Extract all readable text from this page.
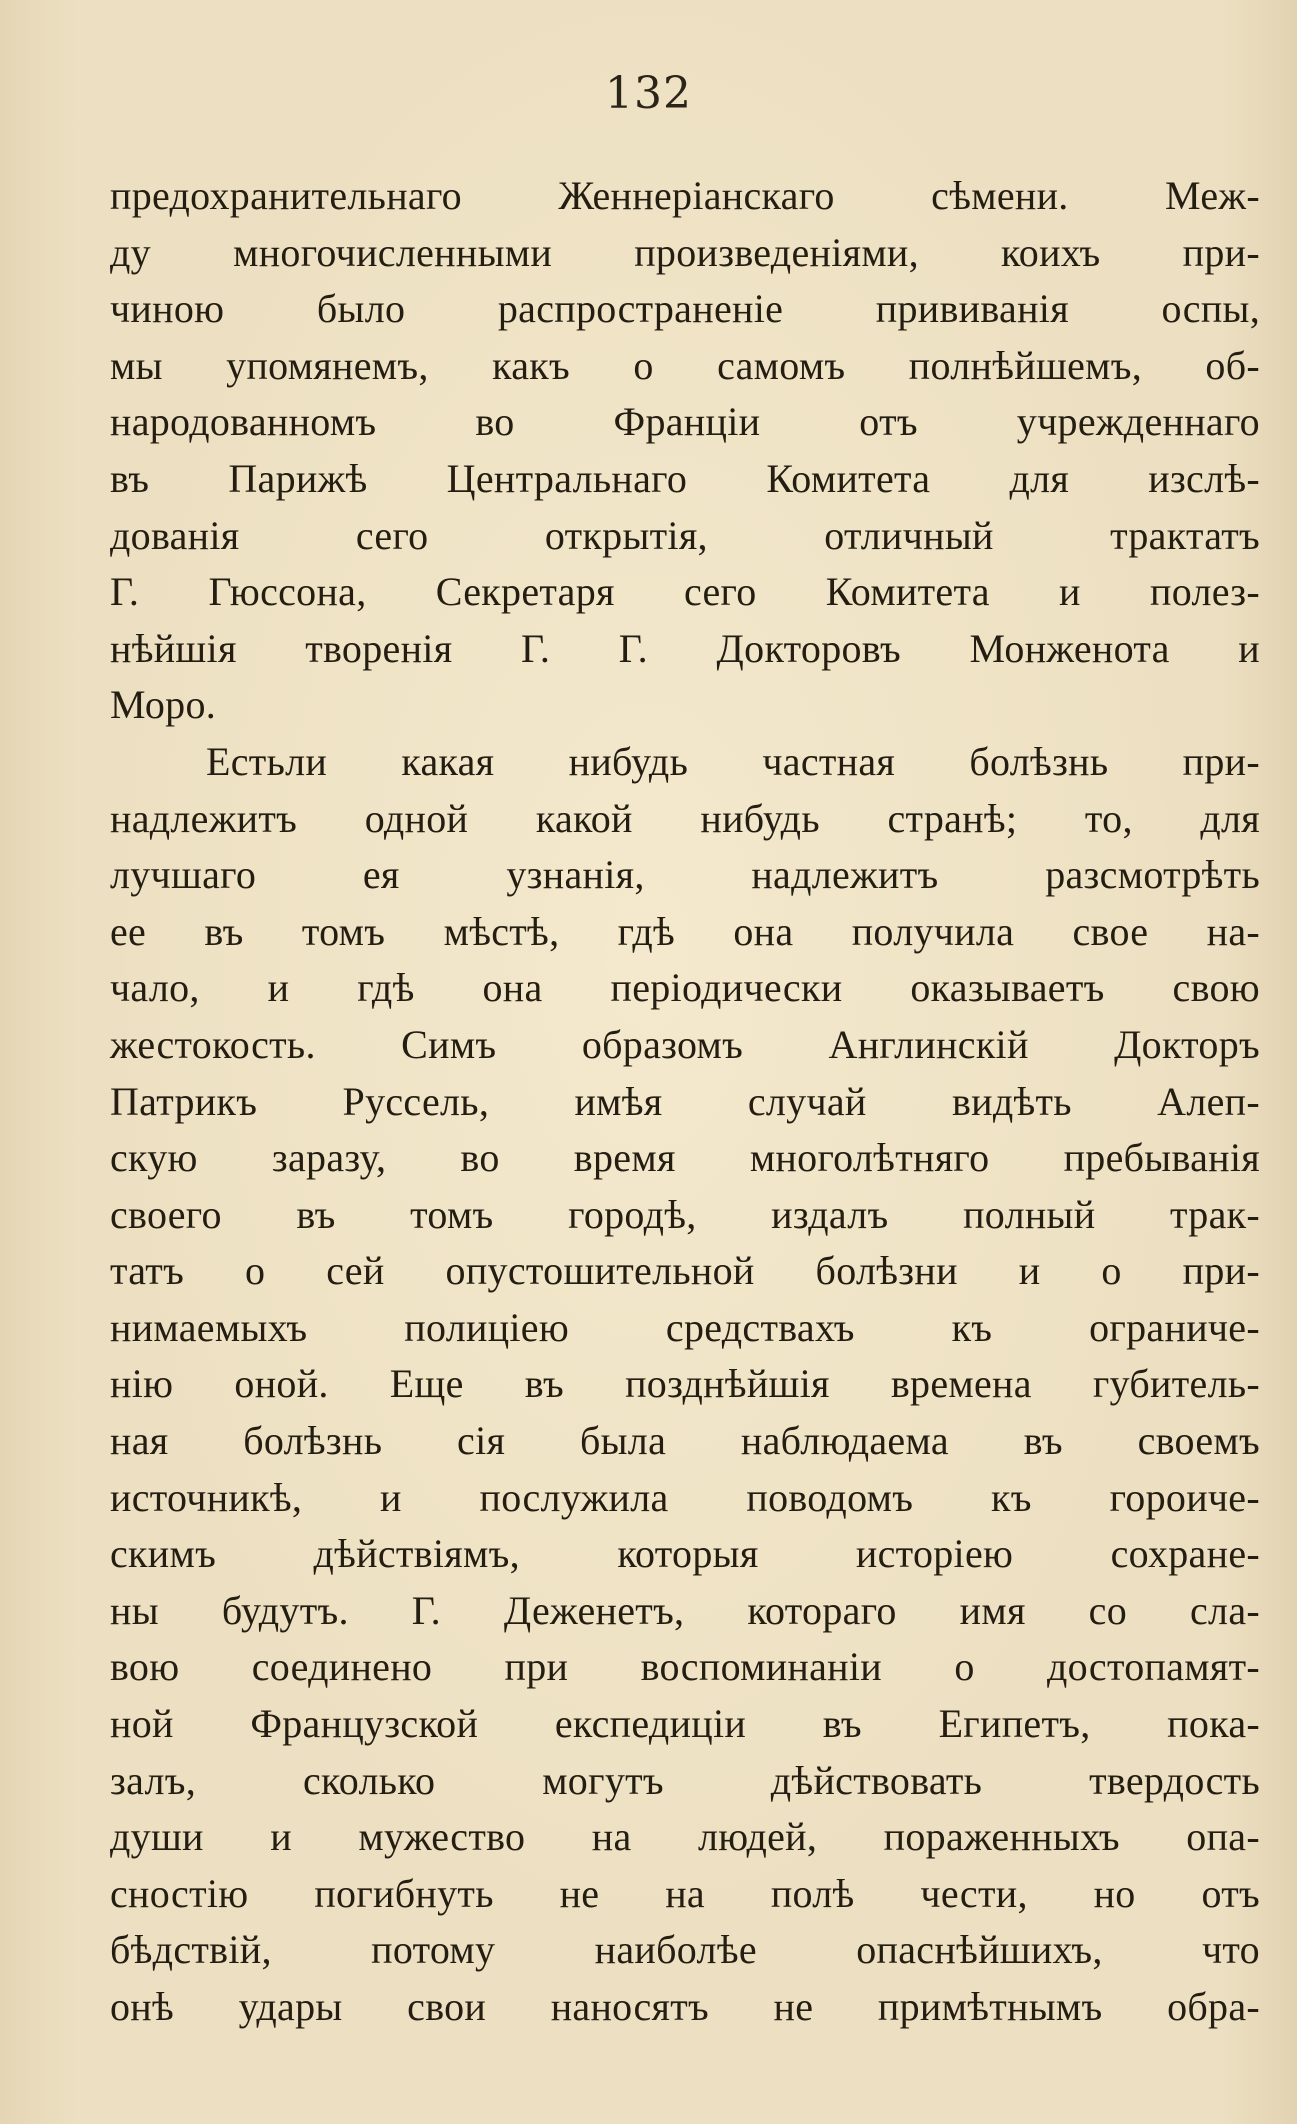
132
предохранительнаго Женнеріанскаго сѣмени. Меж-
ду многочисленными произведеніями, коихъ при-
чиною было распространеніе прививанія оспы,
мы упомянемъ, какъ о самомъ полнѣйшемъ, об-
народованномъ во Франціи отъ учрежденнаго
въ Парижѣ Центральнаго Комитета для изслѣ-
дованія сего открытія, отличный трактатъ
Г. Гюссона, Секретаря сего Комитета и полез-
нѣйшія творенія Г. Г. Докторовъ Монженота и
Моро.
Естьли какая нибудь частная болѣзнь при-
надлежитъ одной какой нибудь странѣ; то, для
лучшаго ея узнанія, надлежитъ разсмотрѣть
ее въ томъ мѣстѣ, гдѣ она получила свое на-
чало, и гдѣ она періодически оказываетъ свою
жестокость. Симъ образомъ Англинскій Докторъ
Патрикъ Руссель, имѣя случай видѣть Алеп-
скую заразу, во время многолѣтняго пребыванія
своего въ томъ городѣ, издалъ полный трак-
татъ о сей опустошительной болѣзни и о при-
нимаемыхъ полиціею средствахъ къ ограниче-
нію оной. Еще въ позднѣйшія времена губитель-
ная болѣзнь сія была наблюдаема въ своемъ
источникѣ, и послужила поводомъ къ гороиче-
скимъ дѣйствіямъ, которыя исторіею сохране-
ны будутъ. Г. Деженетъ, котораго имя со сла-
вою соединено при воспоминаніи о достопамят-
ной Французской експедиціи въ Египетъ, пока-
залъ, сколько могутъ дѣйствовать твердость
души и мужество на людей, пораженныхъ опа-
сностію погибнуть не на полѣ чести, но отъ
бѣдствій, потому наиболѣе опаснѣйшихъ, что
онѣ удары свои наносятъ не примѣтнымъ обра-
